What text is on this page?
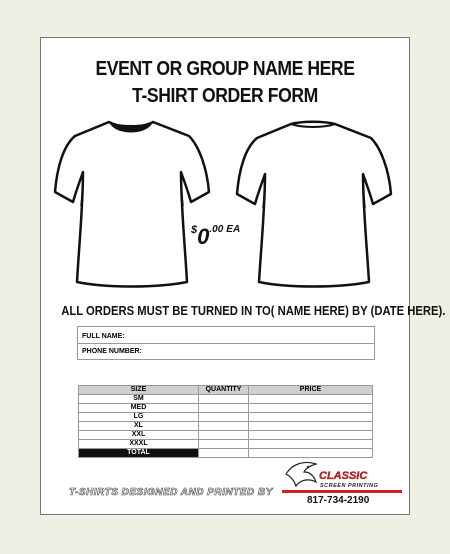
EVENT OR GROUP NAME HERE
T-SHIRT ORDER FORM
$^{\$}0^{.00}$ $^{EA}$
ALL ORDERS MUST BE TURNED IN TO( NAME HERE) BY (DATE HERE).
FULL NAME:
PHONE NUMBER:
SIZE	QUANTITY	PRICE
SM		
MED		
LG		
XL		
XXL		
XXXL		
TOTAL		
T-SHIRTS DESIGNED AND PRINTED BY
CLASSIC
SCREEN PRINTING
817-734-2190
